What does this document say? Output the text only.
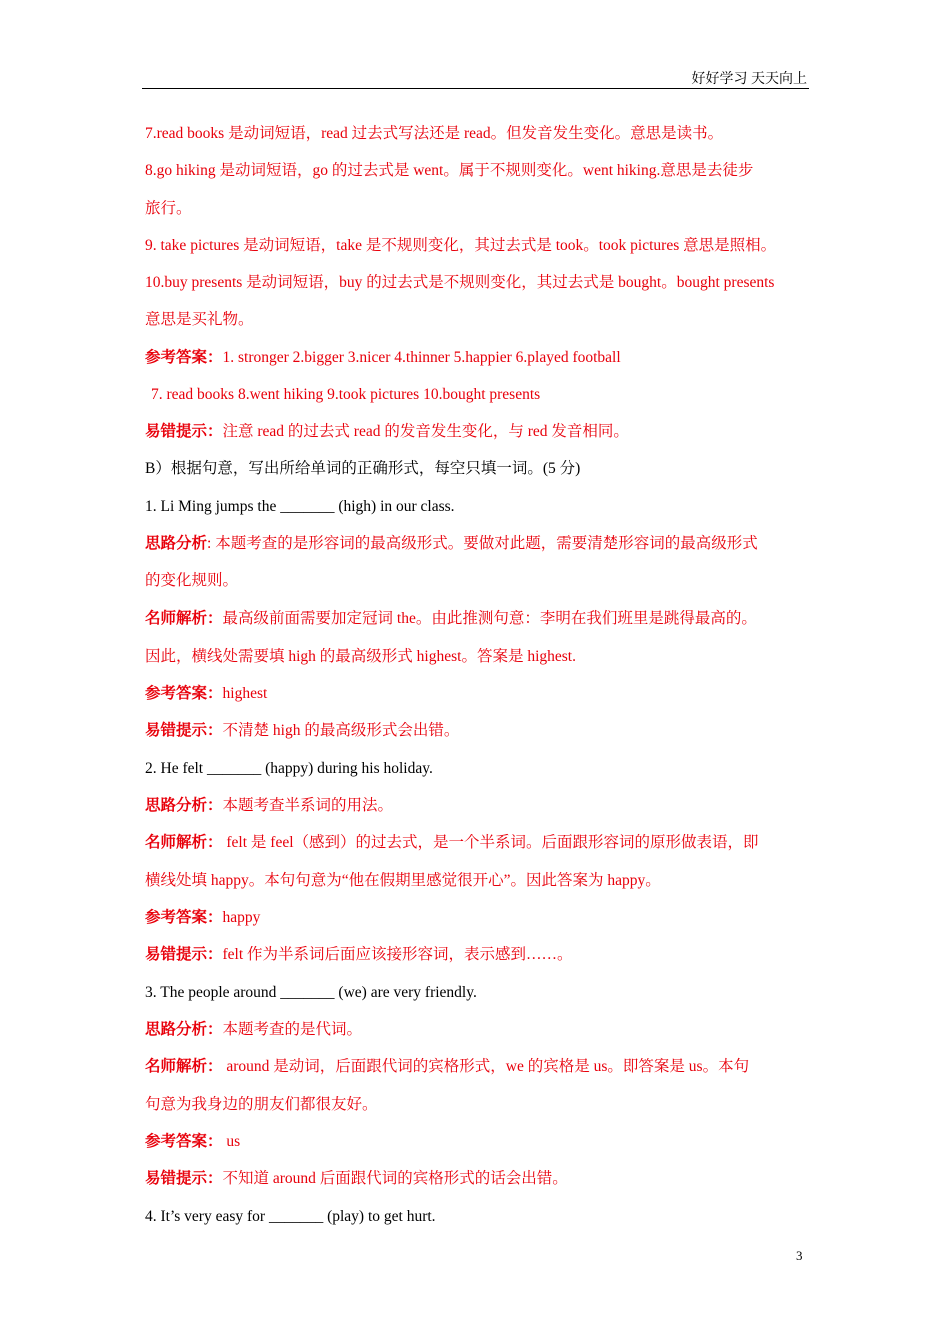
好好学习 天天向上
7.read books 是动词短语，read 过去式写法还是 read。但发音发生变化。意思是读书。
8.go hiking 是动词短语，go 的过去式是 went。属于不规则变化。went hiking.意思是去徒步
旅行。
9. take pictures 是动词短语，take 是不规则变化，其过去式是 took。took pictures 意思是照相。
10.buy presents 是动词短语，buy 的过去式是不规则变化，其过去式是 bought。bought presents
意思是买礼物。
参考答案：1. stronger 2.bigger 3.nicer 4.thinner 5.happier 6.played football
7. read books 8.went hiking 9.took pictures 10.bought presents
易错提示：注意 read 的过去式 read 的发音发生变化，与 red 发音相同。
B）根据句意，写出所给单词的正确形式，每空只填一词。(5 分)
1. Li Ming jumps the _______ (high) in our class.
思路分析: 本题考查的是形容词的最高级形式。要做对此题，需要清楚形容词的最高级形式
的变化规则。
名师解析：最高级前面需要加定冠词 the。由此推测句意：李明在我们班里是跳得最高的。
因此，横线处需要填 high 的最高级形式 highest。答案是 highest.
参考答案：highest
易错提示：不清楚 high 的最高级形式会出错。
2. He felt _______ (happy) during his holiday.
思路分析：本题考查半系词的用法。
名师解析： felt 是 feel（感到）的过去式，是一个半系词。后面跟形容词的原形做表语，即
横线处填 happy。本句句意为“他在假期里感觉很开心”。因此答案为 happy。
参考答案：happy
易错提示：felt 作为半系词后面应该接形容词，表示感到……。
3. The people around _______ (we) are very friendly.
思路分析：本题考查的是代词。
名师解析： around 是动词，后面跟代词的宾格形式，we 的宾格是 us。即答案是 us。本句
句意为我身边的朋友们都很友好。
参考答案： us
易错提示：不知道 around 后面跟代词的宾格形式的话会出错。
4. It’s very easy for _______ (play) to get hurt.
3
